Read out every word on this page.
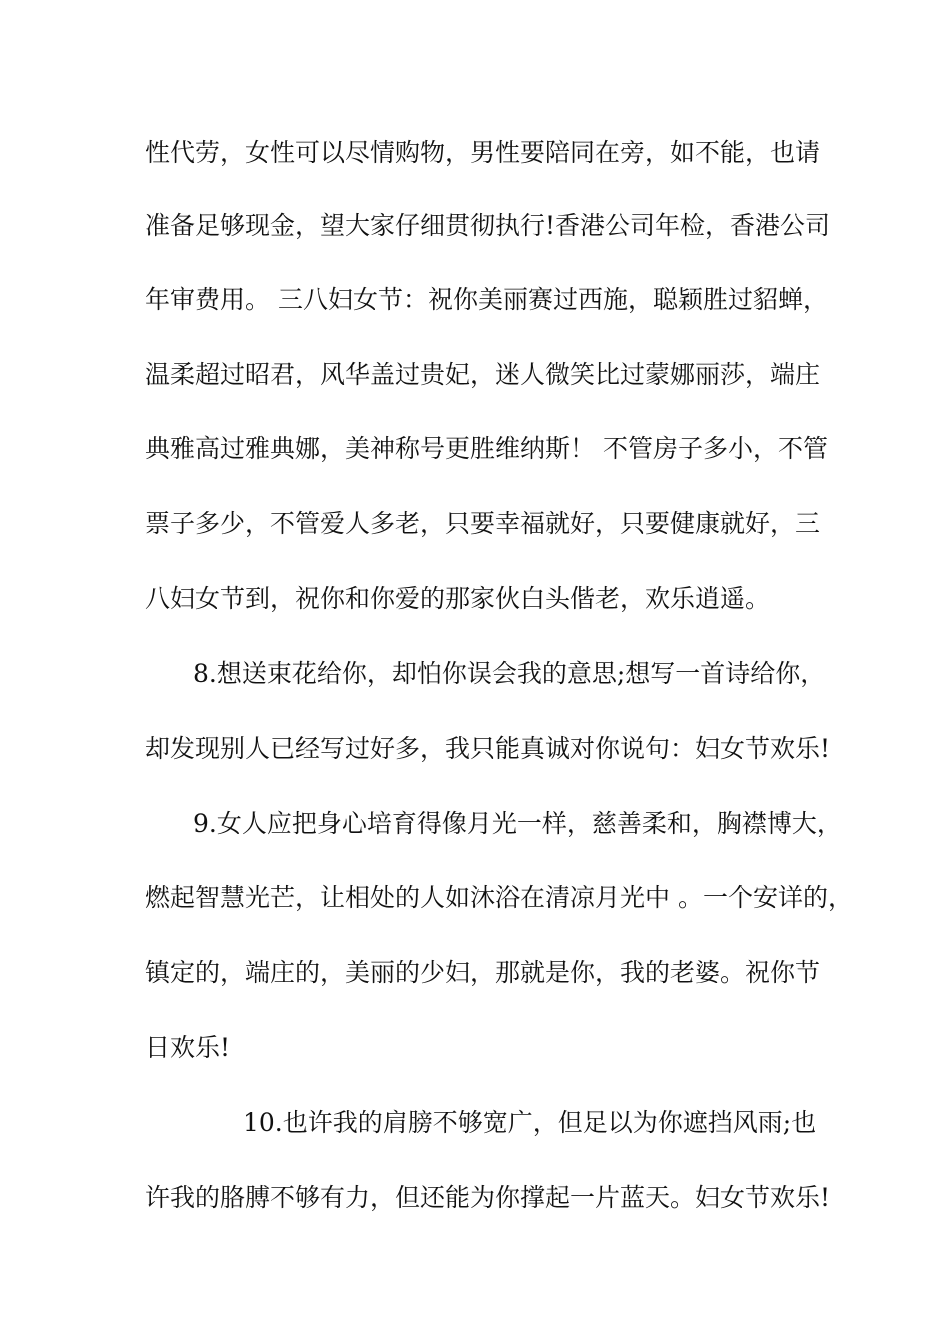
性代劳，女性可以尽情购物，男性要陪同在旁，如不能，也请
准备足够现金，望大家仔细贯彻执行!香港公司年检，香港公司
年审费用。 三八妇女节：祝你美丽赛过西施，聪颖胜过貂蝉，
温柔超过昭君，风华盖过贵妃，迷人微笑比过蒙娜丽莎，端庄
典雅高过雅典娜，美神称号更胜维纳斯！ 不管房子多小，不管
票子多少，不管爱人多老，只要幸福就好，只要健康就好，三
八妇女节到，祝你和你爱的那家伙白头偕老，欢乐逍遥。
8.想送束花给你，却怕你误会我的意思;想写一首诗给你，
却发现别人已经写过好多，我只能真诚对你说句：妇女节欢乐!
9.女人应把身心培育得像月光一样，慈善柔和，胸襟博大，
燃起智慧光芒，让相处的人如沐浴在清凉月光中 。一个安详的，
镇定的，端庄的，美丽的少妇，那就是你，我的老婆。祝你节
日欢乐!
10.也许我的肩膀不够宽广，但足以为你遮挡风雨;也
许我的胳膊不够有力，但还能为你撑起一片蓝天。妇女节欢乐!
